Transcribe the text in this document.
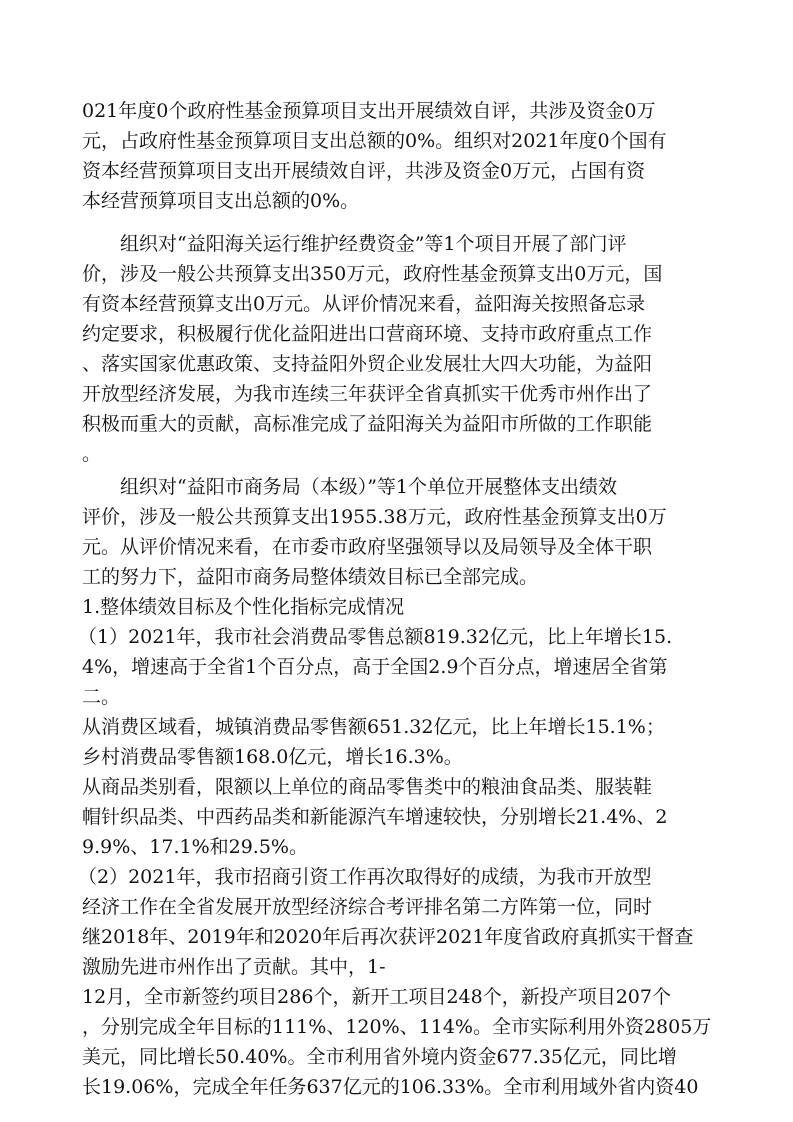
021年度0个政府性基金预算项目支出开展绩效自评，共涉及资金0万
元，占政府性基金预算项目支出总额的0%。组织对2021年度0个国有
资本经营预算项目支出开展绩效自评，共涉及资金0万元，占国有资
本经营预算项目支出总额的0%。
组织对“益阳海关运行维护经费资金”等1个项目开展了部门评
价，涉及一般公共预算支出350万元，政府性基金预算支出0万元，国
有资本经营预算支出0万元。从评价情况来看，益阳海关按照备忘录
约定要求，积极履行优化益阳进出口营商环境、支持市政府重点工作
、落实国家优惠政策、支持益阳外贸企业发展壮大四大功能，为益阳
开放型经济发展，为我市连续三年获评全省真抓实干优秀市州作出了
积极而重大的贡献，高标准完成了益阳海关为益阳市所做的工作职能
。
组织对“益阳市商务局（本级）”等1个单位开展整体支出绩效
评价，涉及一般公共预算支出1955.38万元，政府性基金预算支出0万
元。从评价情况来看，在市委市政府坚强领导以及局领导及全体干职
工的努力下，益阳市商务局整体绩效目标已全部完成。
1.整体绩效目标及个性化指标完成情况
（1）2021年，我市社会消费品零售总额819.32亿元，比上年增长15.
4%，增速高于全省1个百分点，高于全国2.9个百分点，增速居全省第
二。
从消费区域看，城镇消费品零售额651.32亿元，比上年增长15.1%；
乡村消费品零售额168.0亿元，增长16.3%。
从商品类别看，限额以上单位的商品零售类中的粮油食品类、服装鞋
帽针织品类、中西药品类和新能源汽车增速较快，分别增长21.4%、2
9.9%、17.1%和29.5%。
（2）2021年，我市招商引资工作再次取得好的成绩，为我市开放型
经济工作在全省发展开放型经济综合考评排名第二方阵第一位，同时
继2018年、2019年和2020年后再次获评2021年度省政府真抓实干督查
激励先进市州作出了贡献。其中，1-
12月，全市新签约项目286个，新开工项目248个，新投产项目207个
，分别完成全年目标的111%、120%、114%。全市实际利用外资2805万
美元，同比增长50.40%。全市利用省外境内资金677.35亿元，同比增
长19.06%，完成全年任务637亿元的106.33%。全市利用域外省内资40
